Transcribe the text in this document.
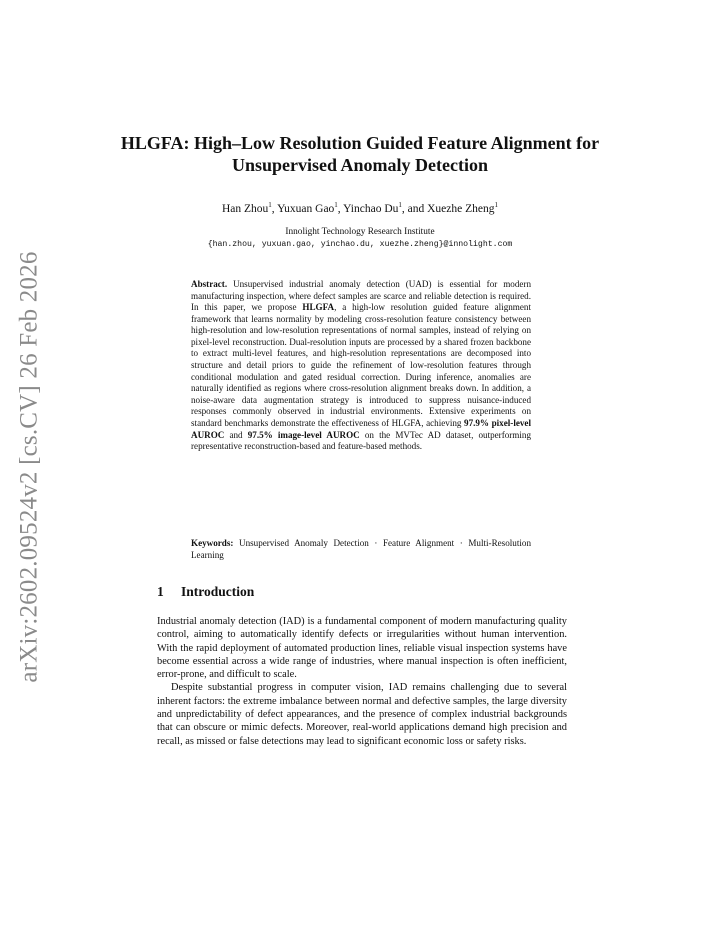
arXiv:2602.09524v2 [cs.CV] 26 Feb 2026
HLGFA: High–Low Resolution Guided Feature Alignment for Unsupervised Anomaly Detection
Han Zhou$^1$, Yuxuan Gao$^1$, Yinchao Du$^1$, and Xuezhe Zheng$^1$
Innolight Technology Research Institute
{han.zhou, yuxuan.gao, yinchao.du, xuezhe.zheng}@innolight.com

Abstract. Unsupervised industrial anomaly detection (UAD) is essential for modern manufacturing inspection, where defect samples are scarce and reliable detection is required. In this paper, we propose HLGFA, a high-low resolution guided feature alignment framework that learns normality by modeling cross-resolution feature consistency between high-resolution and low-resolution representations of normal samples, instead of relying on pixel-level reconstruction. Dual-resolution inputs are processed by a shared frozen backbone to extract multi-level features, and high-resolution representations are decomposed into structure and detail priors to guide the refinement of low-resolution features through conditional modulation and gated residual correction. During inference, anomalies are naturally identified as regions where cross-resolution alignment breaks down. In addition, a noise-aware data augmentation strategy is introduced to suppress nuisance-induced responses commonly observed in industrial environments. Extensive experiments on standard benchmarks demonstrate the effectiveness of HLGFA, achieving 97.9% pixel-level AUROC and 97.5% image-level AUROC on the MVTec AD dataset, outperforming representative reconstruction-based and feature-based methods.

Keywords: Unsupervised Anomaly Detection · Feature Alignment · Multi-Resolution Learning

1 Introduction

Industrial anomaly detection (IAD) is a fundamental component of modern manufacturing quality control, aiming to automatically identify defects or irregularities without human intervention. With the rapid deployment of automated production lines, reliable visual inspection systems have become essential across a wide range of industries, where manual inspection is often inefficient, error-prone, and difficult to scale.

Despite substantial progress in computer vision, IAD remains challenging due to several inherent factors: the extreme imbalance between normal and defective samples, the large diversity and unpredictability of defect appearances, and the presence of complex industrial backgrounds that can obscure or mimic defects. Moreover, real-world applications demand high precision and recall, as missed or false detections may lead to significant economic loss or safety risks.
